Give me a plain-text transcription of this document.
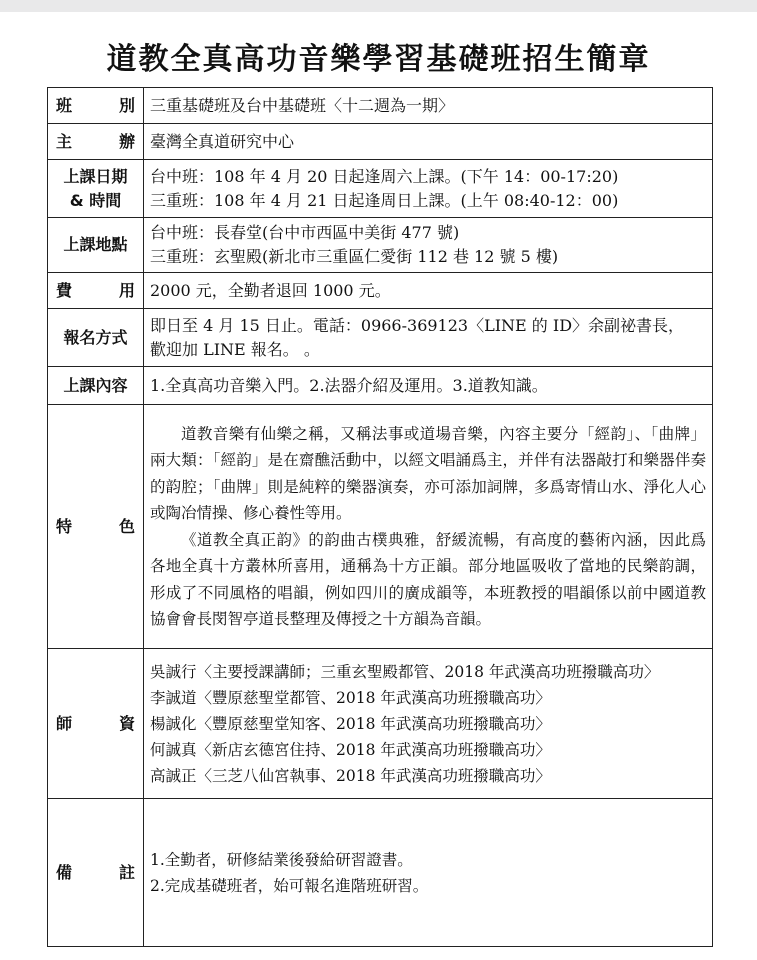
道教全真高功音樂學習基礎班招生簡章
班　別	三重基礎班及台中基礎班〈十二週為一期〉
主　辦	臺灣全真道研究中心

上課日期
& 時間	台中班：108 年 4 月 20 日起逢周六上課。(下午 14：00-17:20)
三重班：108 年 4 月 21 日起逢周日上課。(上午 08:40-12：00)

上課地點	台中班：長春堂(台中市西區中美街 477 號)
三重班：玄聖殿(新北市三重區仁愛街 112 巷 12 號 5 樓)

費　用	2000 元，全勤者退回 1000 元。
報名方式	即日至 4 月 15 日止。電話：0966-369123〈LINE 的 ID〉余副祕書長，
歡迎加 LINE 報名。 。

上課內容	1.全真高功音樂入門。2.法器介紹及運用。3.道教知識。
特　色	道教音樂有仙樂之稱，又稱法事或道場音樂，內容主要分「經韵」、「曲牌」兩大類：「經韵」是在齋醮活動中，以經文唱誦爲主，并伴有法器敲打和樂器伴奏的韵腔；「曲牌」則是純粹的樂器演奏，亦可添加詞牌，多爲寄情山水、淨化人心或陶冶情操、修心養性等用。

《道教全真正韵》的韵曲古樸典雅，舒緩流暢，有高度的藝術內涵，因此爲各地全真十方叢林所喜用，通稱為十方正韻。部分地區吸收了當地的民樂韵調，形成了不同風格的唱韻，例如四川的廣成韻等，本班教授的唱韻係以前中國道教協會會長閔智亭道長整理及傳授之十方韻為音韻。

師　資	吳誠行〈主要授課講師；三重玄聖殿都管、2018 年武漢高功班撥職高功〉
李誠道〈豐原慈聖堂都管、2018 年武漢高功班撥職高功〉
楊誠化〈豐原慈聖堂知客、2018 年武漢高功班撥職高功〉
何誠真〈新店玄德宮住持、2018 年武漢高功班撥職高功〉
高誠正〈三芝八仙宮執事、2018 年武漢高功班撥職高功〉

備　註	1.全勤者，研修結業後發給研習證書。
2.完成基礎班者，始可報名進階班研習。
